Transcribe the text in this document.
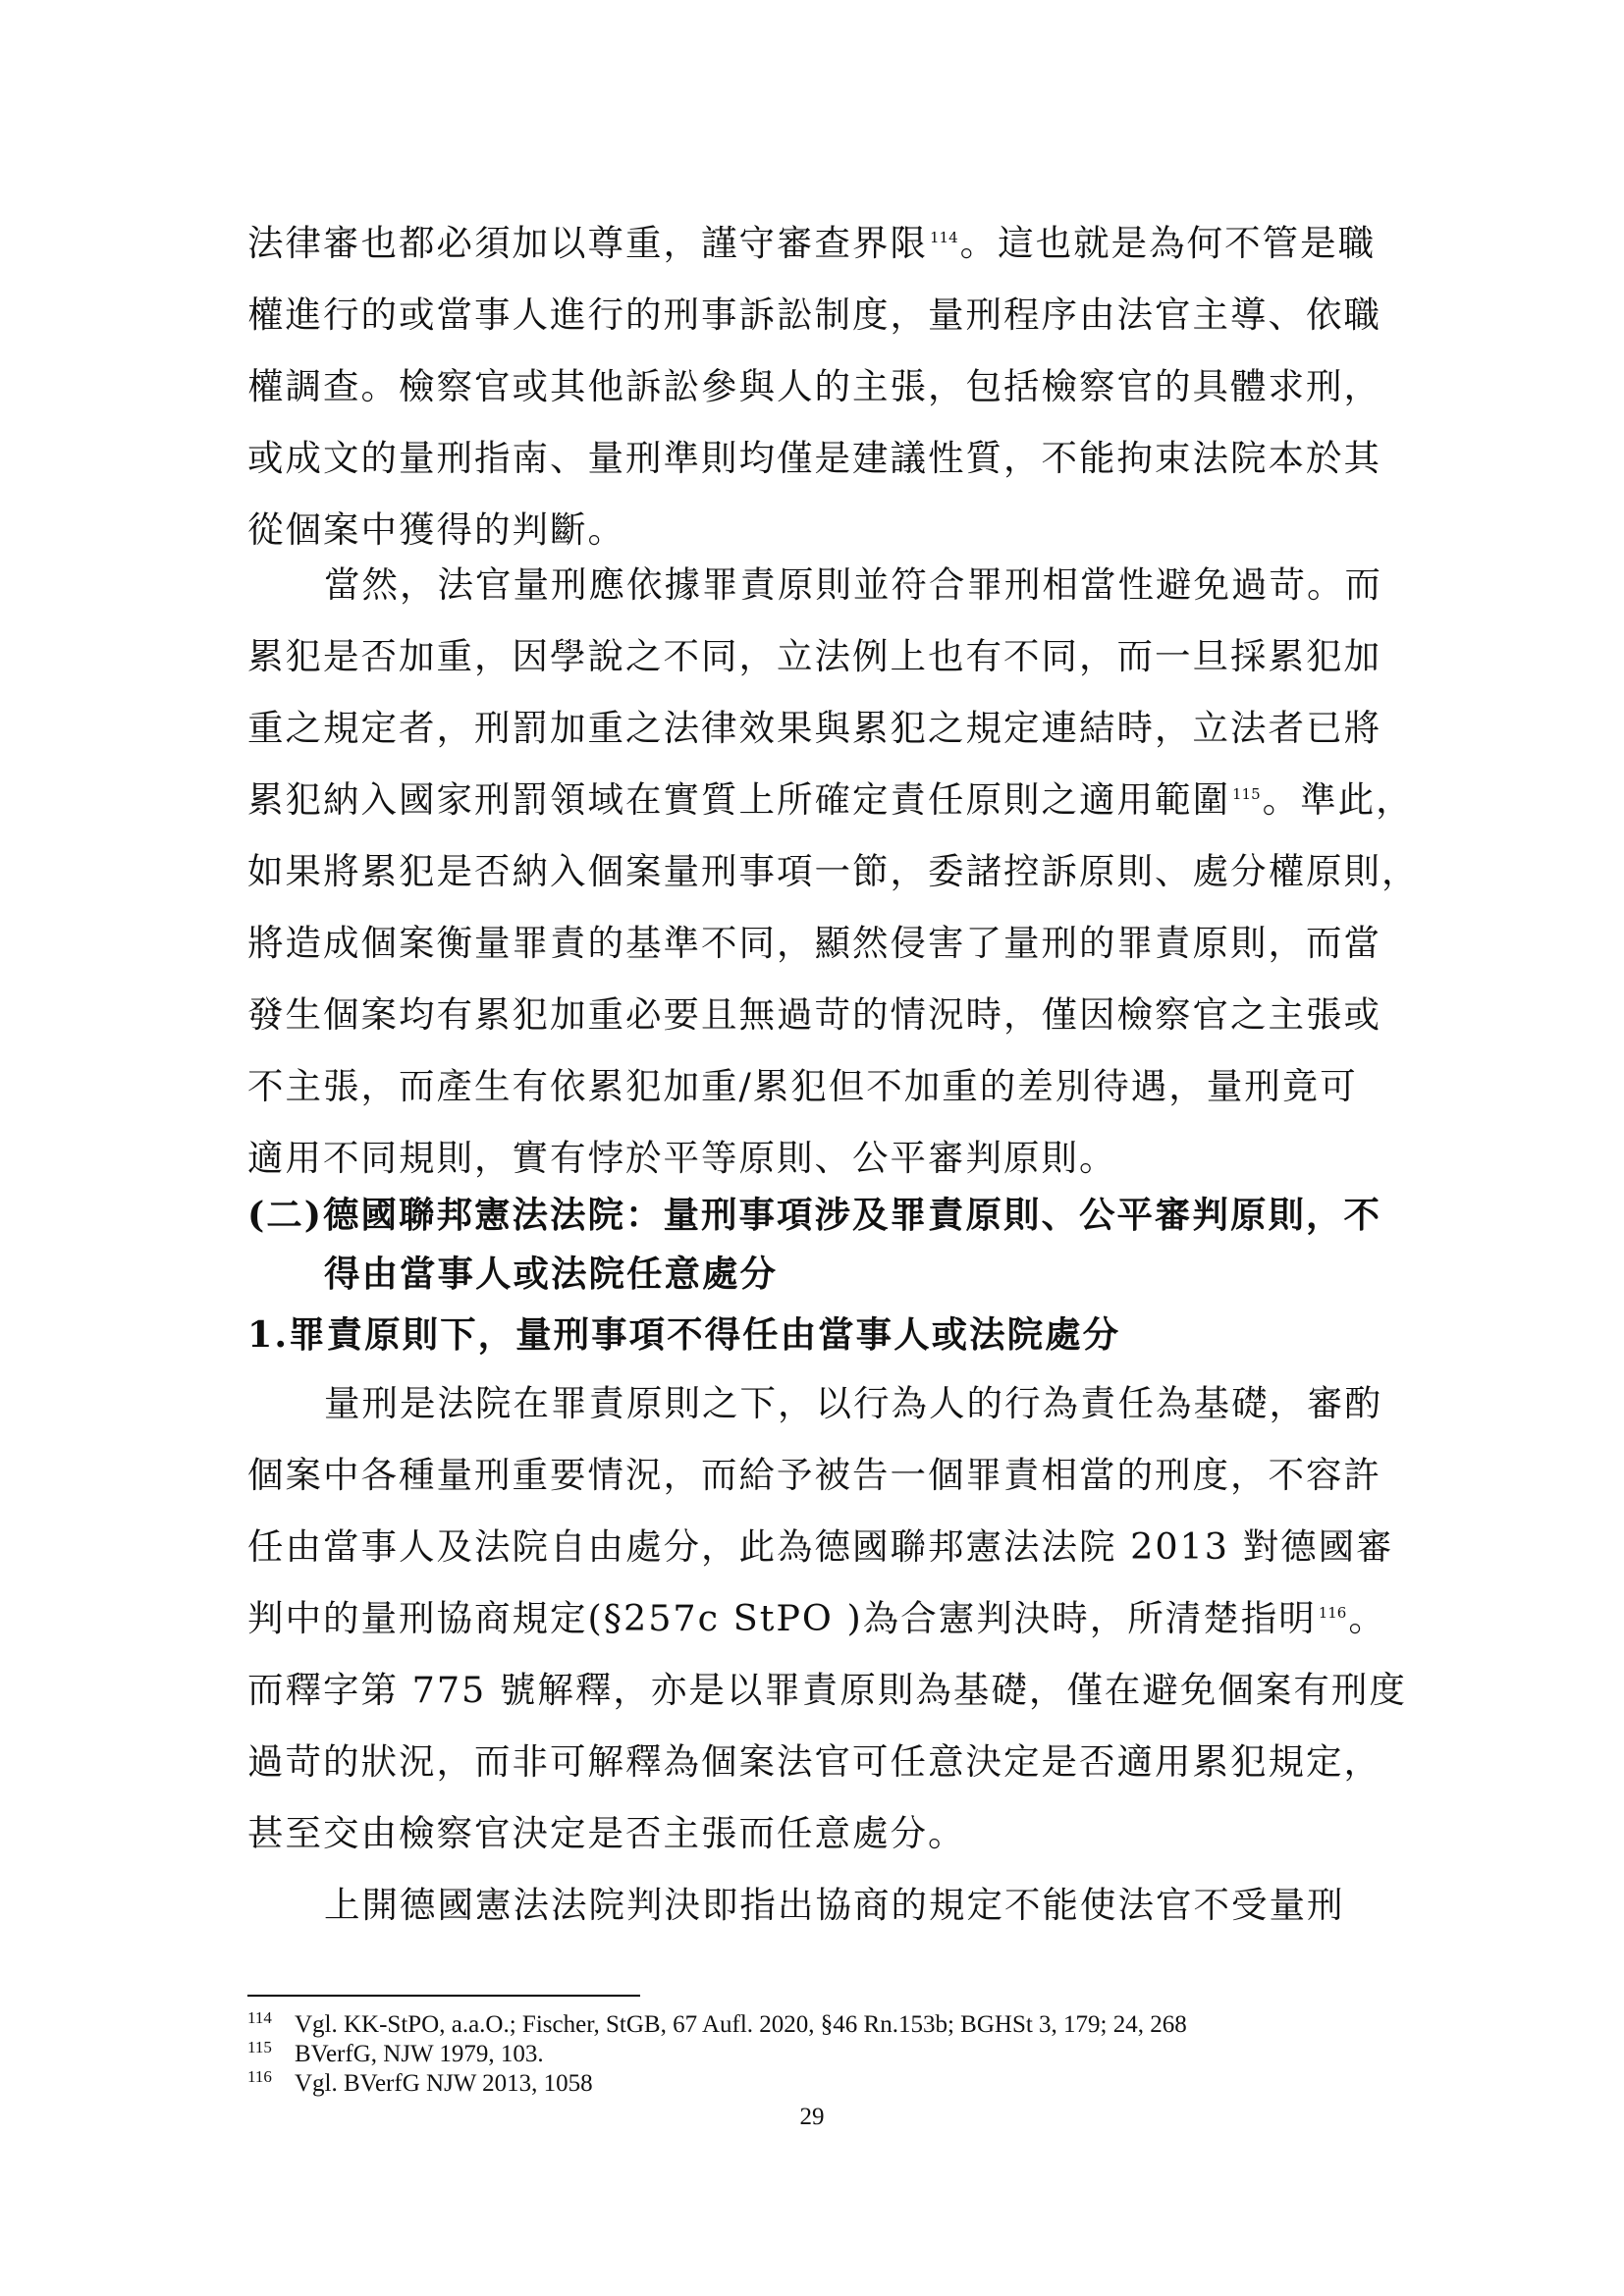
法律審也都必須加以尊重，謹守審查界限 $^{114}$。這也就是為何不管是職
權進行的或當事人進行的刑事訴訟制度，量刑程序由法官主導、依職
權調查。檢察官或其他訴訟參與人的主張，包括檢察官的具體求刑，
或成文的量刑指南、量刑準則均僅是建議性質，不能拘束法院本於其
從個案中獲得的判斷。
當然，法官量刑應依據罪責原則並符合罪刑相當性避免過苛。而
累犯是否加重，因學說之不同，立法例上也有不同，而一旦採累犯加
重之規定者，刑罰加重之法律效果與累犯之規定連結時，立法者已將
累犯納入國家刑罰領域在實質上所確定責任原則之適用範圍 $^{115}$。準此，
如果將累犯是否納入個案量刑事項一節，委諸控訴原則、處分權原則，
將造成個案衡量罪責的基準不同，顯然侵害了量刑的罪責原則，而當
發生個案均有累犯加重必要且無過苛的情況時，僅因檢察官之主張或
不主張，而產生有依累犯加重/累犯但不加重的差別待遇，量刑竟可
適用不同規則，實有悖於平等原則、公平審判原則。
(二)德國聯邦憲法法院：量刑事項涉及罪責原則、公平審判原則，不
得由當事人或法院任意處分
1.罪責原則下，量刑事項不得任由當事人或法院處分
量刑是法院在罪責原則之下，以行為人的行為責任為基礎，審酌
個案中各種量刑重要情況，而給予被告一個罪責相當的刑度，不容許
任由當事人及法院自由處分，此為德國聯邦憲法法院 2013 對德國審
判中的量刑協商規定(§257c StPO )為合憲判決時，所清楚指明 $^{116}$。
而釋字第 775 號解釋，亦是以罪責原則為基礎，僅在避免個案有刑度
過苛的狀況，而非可解釋為個案法官可任意決定是否適用累犯規定，
甚至交由檢察官決定是否主張而任意處分。
上開德國憲法法院判決即指出協商的規定不能使法官不受量刑
114 Vgl. KK-StPO, a.a.O.; Fischer, StGB, 67 Aufl. 2020, §46 Rn.153b; BGHSt 3, 179; 24, 268
115 BVerfG, NJW 1979, 103.
116 Vgl. BVerfG NJW 2013, 1058
29
